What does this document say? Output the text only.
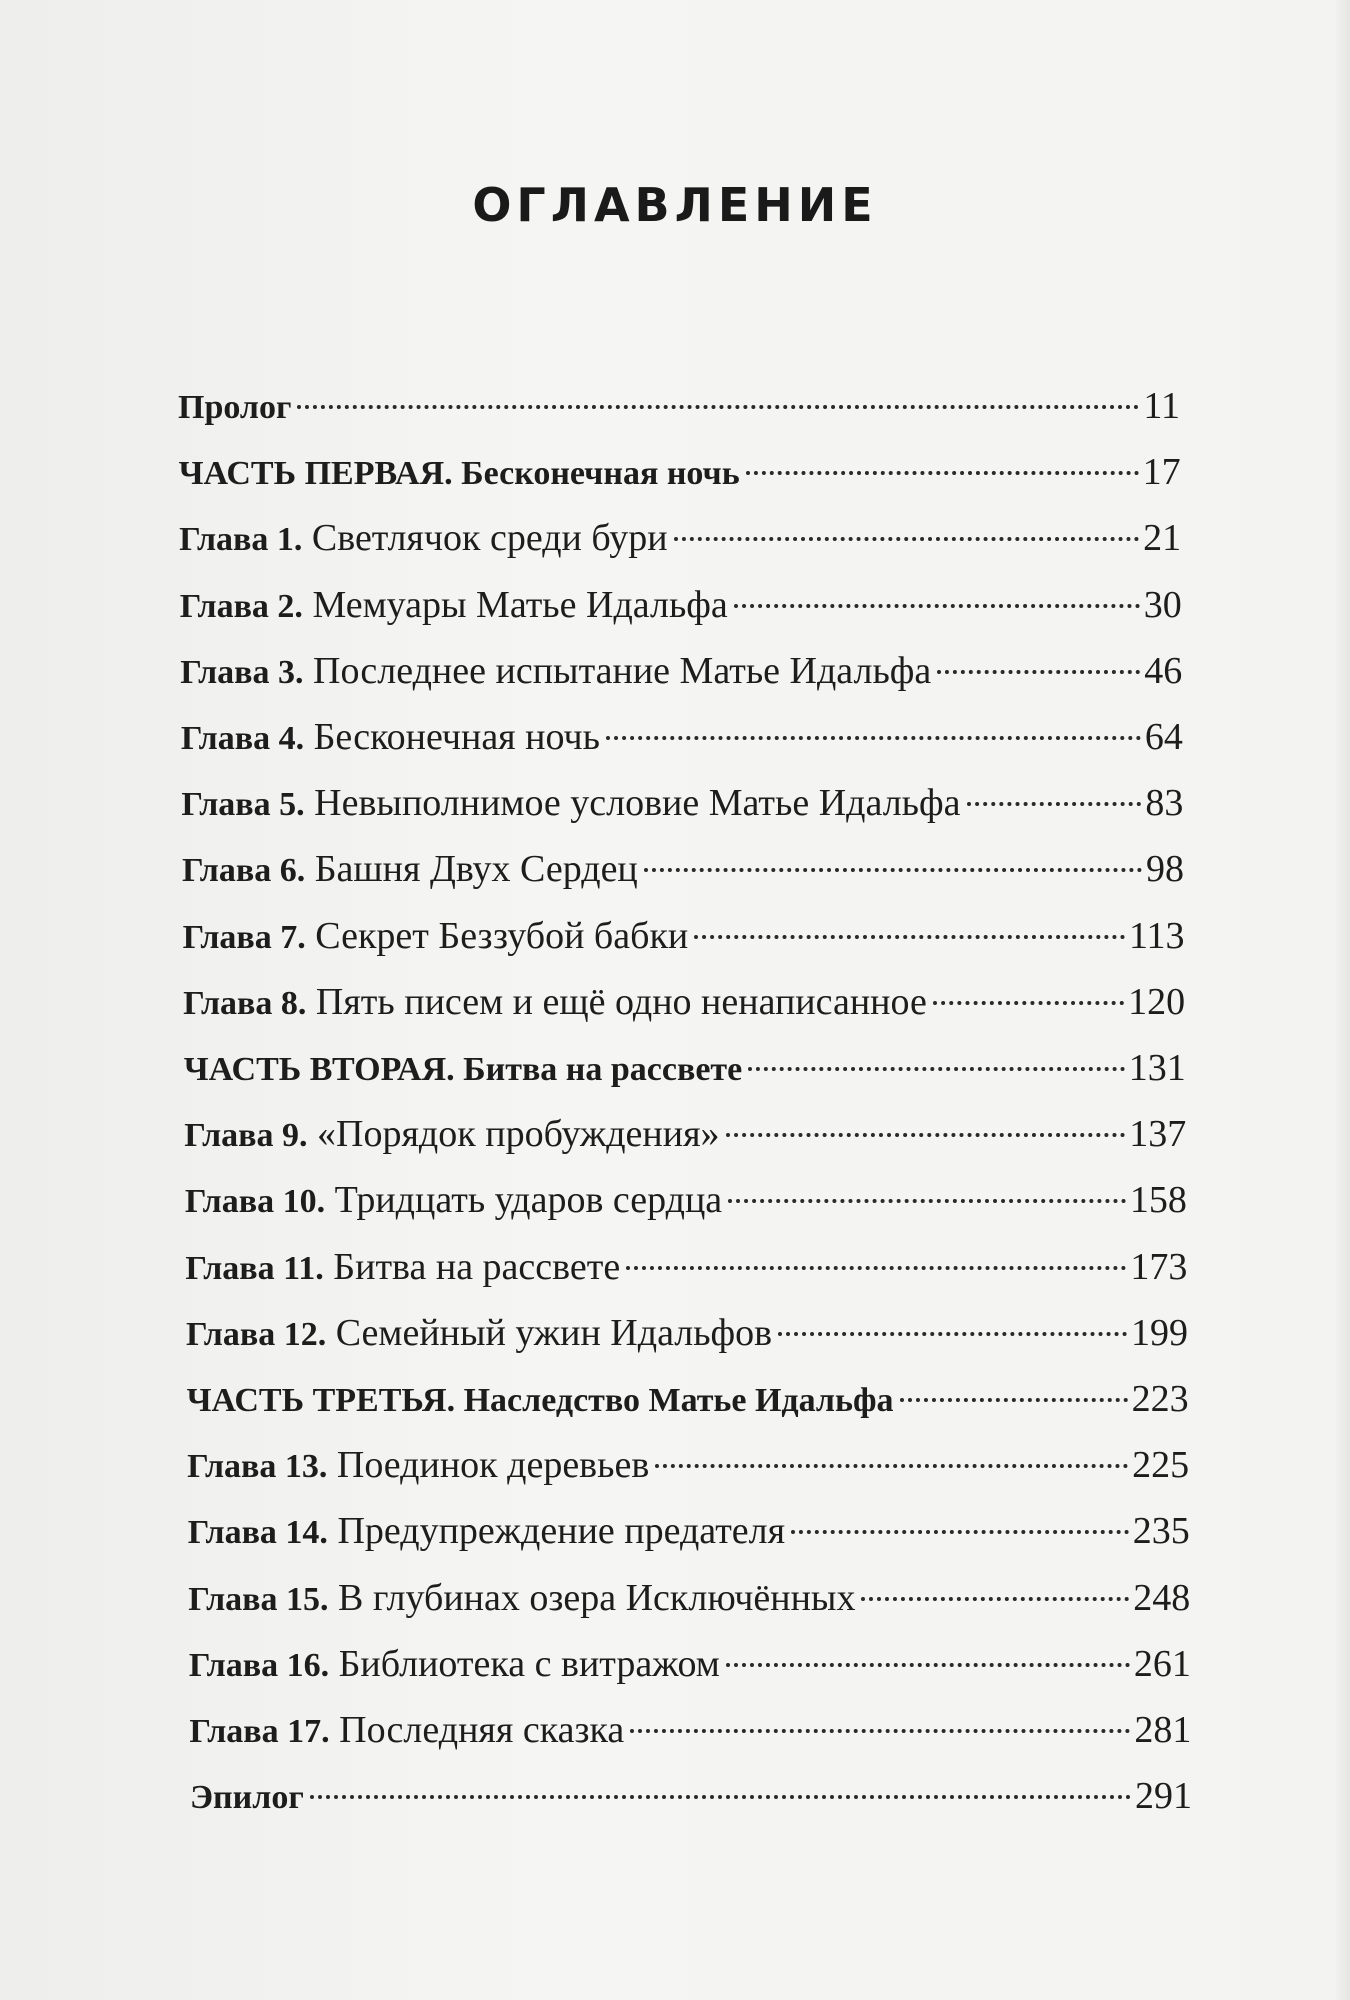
ОГЛАВЛЕНИЕ
Пролог	11
ЧАСТЬ ПЕРВАЯ. Бесконечная ночь	17
Глава 1. Светлячок среди бури	21
Глава 2. Мемуары Матье Идальфа	30
Глава 3. Последнее испытание Матье Идальфа	46
Глава 4. Бесконечная ночь	64
Глава 5. Невыполнимое условие Матье Идальфа	83
Глава 6. Башня Двух Сердец	98
Глава 7. Секрет Беззубой бабки	113
Глава 8. Пять писем и ещё одно ненаписанное	120
ЧАСТЬ ВТОРАЯ. Битва на рассвете	131
Глава 9. «Порядок пробуждения»	137
Глава 10. Тридцать ударов сердца	158
Глава 11. Битва на рассвете	173
Глава 12. Семейный ужин Идальфов	199
ЧАСТЬ ТРЕТЬЯ. Наследство Матье Идальфа	223
Глава 13. Поединок деревьев	225
Глава 14. Предупреждение предателя	235
Глава 15. В глубинах озера Исключённых	248
Глава 16. Библиотека с витражом	261
Глава 17. Последняя сказка	281
Эпилог	291
